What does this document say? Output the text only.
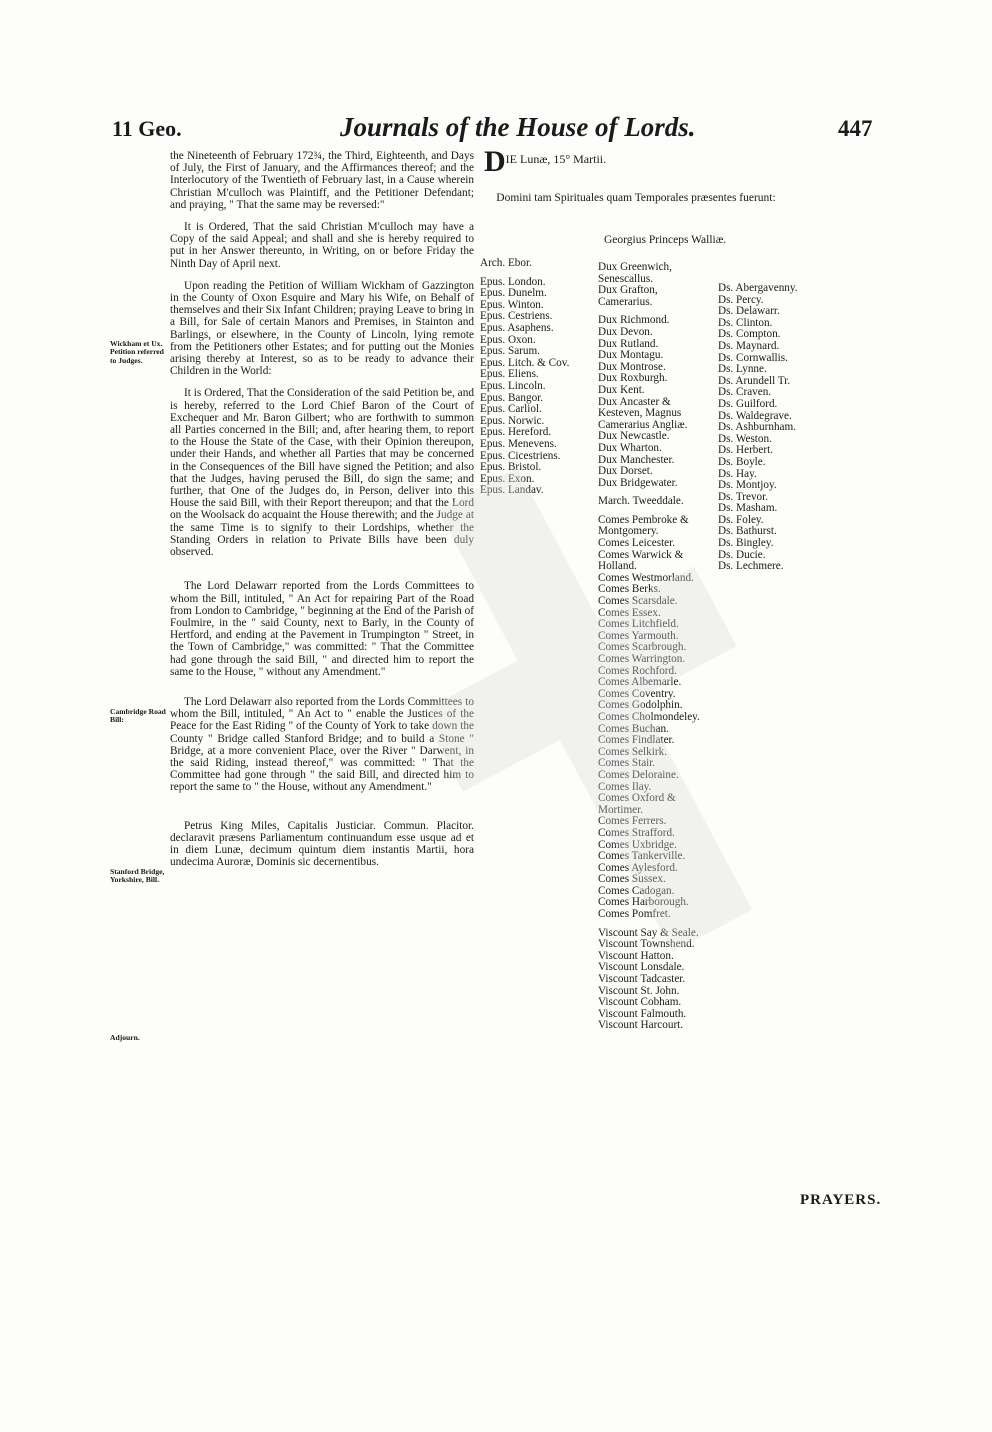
11 Geo.	Journals of the House of Lords.	447

the Nineteenth of February 172¾, the Third, Eighteenth, and Days of July, the First of January, and the Affirmances thereof; and the Interlocutory of the Twentieth of February last, in a Cause wherein Christian M'culloch was Plaintiff, and the Petitioner Defendant; and praying, " That the same may be reversed:"

It is Ordered, That the said Christian M'culloch may have a Copy of the said Appeal; and shall and she is hereby required to put in her Answer thereunto, in Writing, on or before Friday the Ninth Day of April next.

Upon reading the Petition of William Wickham of Gazzington in the County of Oxon Esquire and Mary his Wife, on Behalf of themselves and their Six Infant Children; praying Leave to bring in a Bill, for Sale of certain Manors and Premises, in Stainton and Barlings, or elsewhere, in the County of Lincoln, lying remote from the Petitioners other Estates; and for putting out the Monies arising thereby at Interest, so as to be ready to advance their Children in the World:

It is Ordered, That the Consideration of the said Petition be, and is hereby, referred to the Lord Chief Baron of the Court of Exchequer and Mr. Baron Gilbert; who are forthwith to summon all Parties concerned in the Bill; and, after hearing them, to report to the House the State of the Case, with their Opinion thereupon, under their Hands, and whether all Parties that may be concerned in the Consequences of the Bill have signed the Petition; and also that the Judges, having perused the Bill, do sign the same; and further, that One of the Judges do, in Person, deliver into this House the said Bill, with their Report thereupon; and that the Lord on the Woolsack do acquaint the House therewith; and the Judge at the same Time is to signify to their Lordships, whether the Standing Orders in relation to Private Bills have been duly observed.

The Lord Delawarr reported from the Lords Committees to whom the Bill, intituled, " An Act for repairing Part of the Road from London to Cambridge, " beginning at the End of the Parish of Foulmire, in the " said County, next to Barly, in the County of Hertford, and ending at the Pavement in Trumpington " Street, in the Town of Cambridge," was committed: " That the Committee had gone through the said Bill, " and directed him to report the same to the House, " without any Amendment."

The Lord Delawarr also reported from the Lords Committees to whom the Bill, intituled, " An Act to " enable the Justices of the Peace for the East Riding " of the County of York to take down the County " Bridge called Stanford Bridge; and to build a Stone " Bridge, at a more convenient Place, over the River " Darwent, in the said Riding, instead thereof," was committed: " That the Committee had gone through " the said Bill, and directed him to report the same to " the House, without any Amendment."

Petrus King Miles, Capitalis Justiciar. Commun. Placitor. declaravit præsens Parliamentum continuandum esse usque ad et in diem Lunæ, decimum quintum diem instantis Martii, hora undecima Auroræ, Dominis sic decernentibus.

Wickham et Ux. Petition referred to Judges.
Cambridge Road Bill:
Stanford Bridge, Yorkshire, Bill.
Adjourn.
DIE Lunæ, 15° Martii.
Domini tam Spirituales quam Temporales præsentes fuerunt:
Georgius Princeps Walliæ.
Arch. Ebor.
Epus. London.
Epus. Dunelm.
Epus. Winton.
Epus. Cestriens.
Epus. Asaphens.
Epus. Oxon.
Epus. Sarum.
Epus. Litch. & Cov.
Epus. Eliens.
Epus. Lincoln.
Epus. Bangor.
Epus. Carliol.
Epus. Norwic.
Epus. Hereford.
Epus. Menevens.
Epus. Cicestriens.
Epus. Bristol.
Epus. Exon.
Epus. Landav.
Dux Greenwich,
Senescallus.
Dux Grafton, Camerarius.
Dux Richmond.
Dux Devon.
Dux Rutland.
Dux Montagu.
Dux Montrose.
Dux Roxburgh.
Dux Kent.
Dux Ancaster & Kesteven, Magnus Camerarius Angliæ.
Dux Newcastle.
Dux Wharton.
Dux Manchester.
Dux Dorset.
Dux Bridgewater.
March. Tweeddale.
Comes Pembroke & Montgomery.
Comes Leicester.
Comes Warwick & Holland.
Comes Westmorland.
Comes Berks.
Comes Scarsdale.
Comes Essex.
Comes Litchfield.
Comes Yarmouth.
Comes Scarbrough.
Comes Warrington.
Comes Rochford.
Comes Albemarle.
Comes Coventry.
Comes Godolphin.
Comes Cholmondeley.
Comes Buchan.
Comes Findlater.
Comes Selkirk.
Comes Stair.
Comes Deloraine.
Comes Ilay.
Comes Oxford & Mortimer.
Comes Ferrers.
Comes Strafford.
Comes Uxbridge.
Comes Tankerville.
Comes Aylesford.
Comes Sussex.
Comes Cadogan.
Comes Harborough.
Comes Pomfret.
Viscount Say & Seale.
Viscount Townshend.
Viscount Hatton.
Viscount Lonsdale.
Viscount Tadcaster.
Viscount St. John.
Viscount Cobham.
Viscount Falmouth.
Viscount Harcourt.
Ds. Abergavenny.
Ds. Percy.
Ds. Delawarr.
Ds. Clinton.
Ds. Compton.
Ds. Maynard.
Ds. Cornwallis.
Ds. Lynne.
Ds. Arundell Tr.
Ds. Craven.
Ds. Guilford.
Ds. Waldegrave.
Ds. Ashburnham.
Ds. Weston.
Ds. Herbert.
Ds. Boyle.
Ds. Hay.
Ds. Montjoy.
Ds. Trevor.
Ds. Masham.
Ds. Foley.
Ds. Bathurst.
Ds. Bingley.
Ds. Ducie.
Ds. Lechmere.
PRAYERS.
